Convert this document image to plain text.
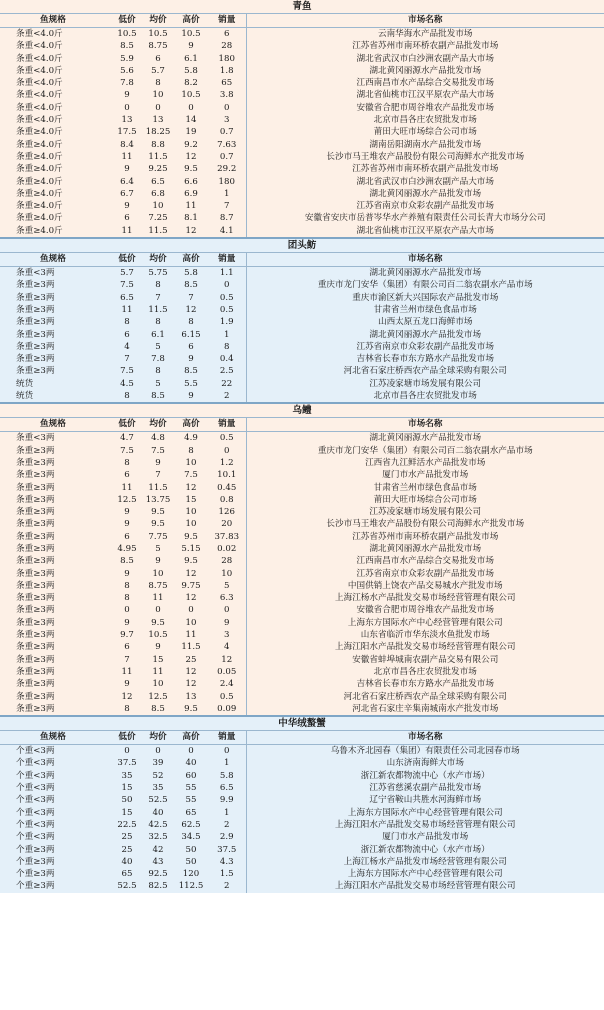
青鱼
鱼规格	低价	均价	高价	销量	市场名称
条重<4.0斤	10.5	10.5	10.5	6	云南华海水产品批发市场
条重<4.0斤	8.5	8.75	9	28	江苏省苏州市南环桥农副产品批发市场
条重<4.0斤	5.9	6	6.1	180	湖北省武汉市白沙洲农副产品大市场
条重<4.0斤	5.6	5.7	5.8	1.8	湖北黄冈丽源水产品批发市场
条重<4.0斤	7.8	8	8.2	65	江西南昌市水产品综合交易批发市场
条重<4.0斤	9	10	10.5	3.8	湖北省仙桃市江汉平原农产品大市场
条重<4.0斤	0	0	0	0	安徽省合肥市周谷堆农产品批发市场
条重<4.0斤	13	13	14	3	北京市昌各庄农贸批发市场
条重≥4.0斤	17.5	18.25	19	0.7	莆田大旺市场综合公司市场
条重≥4.0斤	8.4	8.8	9.2	7.63	湖南岳阳湖南水产品批发市场
条重≥4.0斤	11	11.5	12	0.7	长沙市马王堆农产品股份有限公司海鲜水产批发市场
条重≥4.0斤	9	9.25	9.5	29.2	江苏省苏州市南环桥农副产品批发市场
条重≥4.0斤	6.4	6.5	6.6	180	湖北省武汉市白沙洲农副产品大市场
条重≥4.0斤	6.7	6.8	6.9	1	湖北黄冈丽源水产品批发市场
条重≥4.0斤	9	10	11	7	江苏省南京市众彩农副产品批发市场
条重≥4.0斤	6	7.25	8.1	8.7	安徽省安庆市岳普岑华水产养殖有限责任公司长青大市场分公司
条重≥4.0斤	11	11.5	12	4.1	湖北省仙桃市江汉平原农产品大市场
团头鲂
鱼规格	低价	均价	高价	销量	市场名称
条重<3两	5.7	5.75	5.8	1.1	湖北黄冈丽源水产品批发市场
条重≥3两	7.5	8	8.5	0	重庆市龙门安华（集团）有限公司百二翁农副水产品市场
条重≥3两	6.5	7	7	0.5	重庆市渝区新大兴国际农产品批发市场
条重≥3两	11	11.5	12	0.5	甘肃省兰州市绿色食品市场
条重≥3两	8	8	8	1.9	山西太原五龙口海鲜市场
条重≥3两	6	6.1	6.15	1	湖北黄冈丽源水产品批发市场
条重≥3两	4	5	6	8	江苏省南京市众彩农副产品批发市场
条重≥3两	7	7.8	9	0.4	吉林省长春市东方路水产品批发市场
条重≥3两	7.5	8	8.5	2.5	河北省石家庄桥西农产品全球采购有限公司
统货	4.5	5	5.5	22	江苏凌家塘市场发展有限公司
统货	8	8.5	9	2	北京市昌各庄农贸批发市场
乌鳢
鱼规格	低价	均价	高价	销量	市场名称
条重<3两	4.7	4.8	4.9	0.5	湖北黄冈丽源水产品批发市场
条重≥3两	7.5	7.5	8	0	重庆市龙门安华（集团）有限公司百二翁农副水产品市场
条重≥3两	8	9	10	1.2	江西省九江鲜活水产品批发市场
条重≥3两	6	7	7.5	10.1	厦门市水产品批发市场
条重≥3两	11	11.5	12	0.45	甘肃省兰州市绿色食品市场
条重≥3两	12.5	13.75	15	0.8	莆田大旺市场综合公司市场
条重≥3两	9	9.5	10	126	江苏凌家塘市场发展有限公司
条重≥3两	9	9.5	10	20	长沙市马王堆农产品股份有限公司海鲜水产批发市场
条重≥3两	6	7.75	9.5	37.83	江苏省苏州市南环桥农副产品批发市场
条重≥3两	4.95	5	5.15	0.02	湖北黄冈丽源水产品批发市场
条重≥3两	8.5	9	9.5	28	江西南昌市水产品综合交易批发市场
条重≥3两	9	10	12	10	江苏省南京市众彩农副产品批发市场
条重≥3两	8	8.75	9.75	5	中国供销上饶农产品交易城水产批发市场
条重≥3两	8	11	12	6.3	上海江杨水产品批发交易市场经营管理有限公司
条重≥3两	0	0	0	0	安徽省合肥市周谷堆农产品批发市场
条重≥3两	9	9.5	10	9	上海东方国际水产中心经营管理有限公司
条重≥3两	9.7	10.5	11	3	山东省临沂市华东淡水鱼批发市场
条重≥3两	6	9	11.5	4	上海江阳水产品批发交易市场经营管理有限公司
条重≥3两	7	15	25	12	安徽省蚌埠城南农副产品交易有限公司
条重≥3两	11	11	12	0.05	北京市昌各庄农贸批发市场
条重≥3两	9	10	12	2.4	吉林省长春市东方路水产品批发市场
条重≥3两	12	12.5	13	0.5	河北省石家庄桥西农产品全球采购有限公司
条重≥3两	8	8.5	9.5	0.09	河北省石家庄辛集南城南水产批发市场
中华绒螯蟹
鱼规格	低价	均价	高价	销量	市场名称
个重<3两	0	0	0	0	乌鲁木齐北园春（集团）有限责任公司北园春市场
个重<3两	37.5	39	40	1	山东济南海鲜大市场
个重<3两	35	52	60	5.8	浙江新农都物流中心（水产市场）
个重<3两	15	35	55	6.5	江苏省慈溪农副产品批发市场
个重<3两	50	52.5	55	9.9	辽宁省鞍山共胜水河海鲜市场
个重<3两	15	40	65	1	上海东方国际水产中心经营管理有限公司
个重<3两	22.5	42.5	62.5	2	上海江阳水产品批发交易市场经营管理有限公司
个重<3两	25	32.5	34.5	2.9	厦门市水产品批发市场
个重≥3两	25	42	50	37.5	浙江新农都物流中心（水产市场）
个重≥3两	40	43	50	4.3	上海江杨水产品批发市场经营管理有限公司
个重≥3两	65	92.5	120	1.5	上海东方国际水产中心经营管理有限公司
个重≥3两	52.5	82.5	112.5	2	上海江阳水产品批发交易市场经营管理有限公司
